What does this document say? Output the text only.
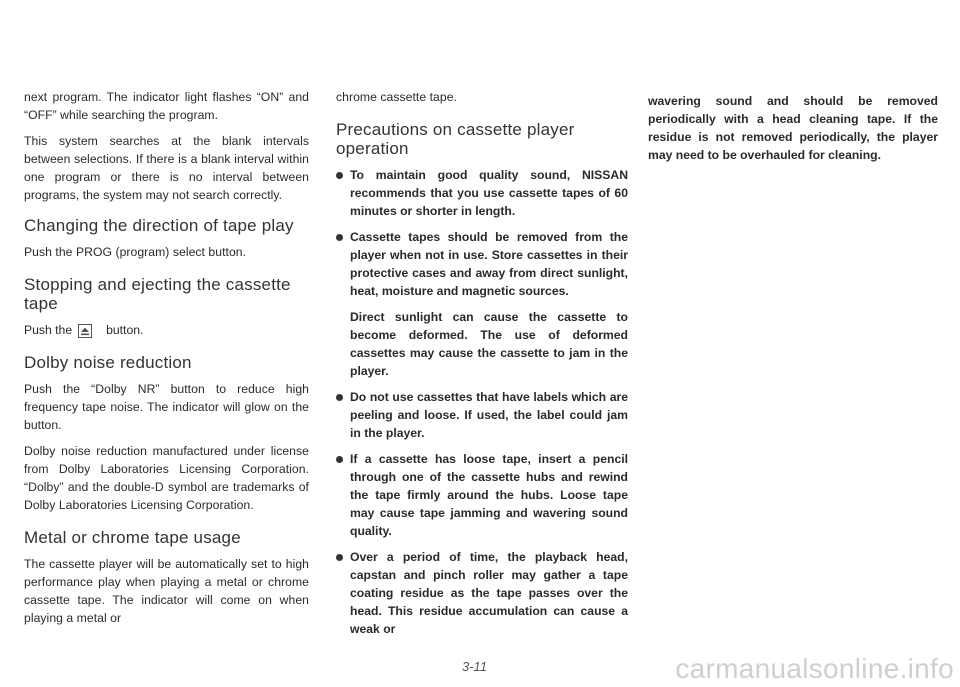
next program. The indicator light flashes “ON” and “OFF” while searching the program.

This system searches at the blank intervals between selections. If there is a blank interval within one program or there is no interval between programs, the system may not search correctly.

Changing the direction of tape play

Push the PROG (program) select button.

Stopping and ejecting the cassette tape

Push the	button.

Dolby noise reduction

Push the “Dolby NR” button to reduce high frequency tape noise. The indicator will glow on the button.

Dolby noise reduction manufactured under license from Dolby Laboratories Licensing Corporation. “Dolby” and the double-D symbol are trademarks of Dolby Laboratories Licensing Corporation.

Metal or chrome tape usage

The cassette player will be automatically set to high performance play when playing a metal or chrome cassette tape. The indicator will come on when playing a metal or

chrome cassette tape.

Precautions on cassette player operation

To maintain good quality sound, NISSAN recommends that you use cassette tapes of 60 minutes or shorter in length.

Cassette tapes should be removed from the player when not in use. Store cassettes in their protective cases and away from direct sunlight, heat, moisture and magnetic sources.

Direct sunlight can cause the cassette to become deformed. The use of deformed cassettes may cause the cassette to jam in the player.

Do not use cassettes that have labels which are peeling and loose. If used, the label could jam in the player.

If a cassette has loose tape, insert a pencil through one of the cassette hubs and rewind the tape firmly around the hubs. Loose tape may cause tape jamming and wavering sound quality.

Over a period of time, the playback head, capstan and pinch roller may gather a tape coating residue as the tape passes over the head. This residue accumulation can cause a weak or

wavering sound and should be removed periodically with a head cleaning tape. If the residue is not removed periodically, the player may need to be overhauled for cleaning.

3-11	carmanualsonline.info
